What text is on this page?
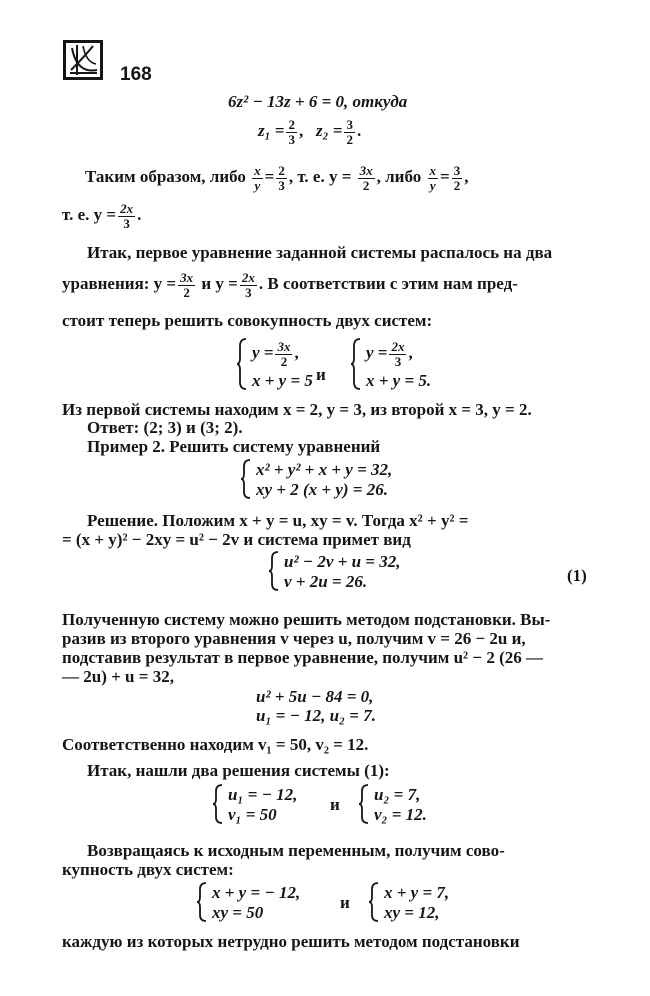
168
6z² − 13z + 6 = 0, откуда
$z_1 = \frac{2}{3}$ ,   $z_2 = \frac{3}{2}$ .
Таким образом, либо $\frac{x}{y} = \frac{2}{3}$ , т. е. $y = \frac{3x}{2}$ , либо $\frac{x}{y} = \frac{3}{2}$ ,
т. е. $y = \frac{2x}{3}$ .
Итак, первое уравнение заданной системы распалось на два
уравнения: $y = \frac{3x}{2}$ и $y = \frac{2x}{3}$ . В соответствии с этим нам пред-
стоит теперь решить совокупность двух систем:
$y = \frac{3x}{2}$ ,
x + y = 5 и
$y = \frac{2x}{3}$ ,
x + y = 5.
Из первой системы находим x = 2, y = 3, из второй x = 3, y = 2.
Ответ: (2; 3) и (3; 2).
Пример 2. Решить систему уравнений
x² + y² + x + y = 32,
xy + 2 (x + y) = 26.
Решение. Положим x + y = u, xy = v. Тогда x² + y² =
= (x + y)² − 2xy = u² − 2v и система примет вид
u² − 2v + u = 32,
v + 2u = 26.	(1)
Полученную систему можно решить методом подстановки. Вы-
разив из второго уравнения v через u, получим v = 26 − 2u и,
подставив результат в первое уравнение, получим u² − 2 (26 —
— 2u) + u = 32,
u² + 5u − 84 = 0,
u₁ = − 12, u₂ = 7.
Соответственно находим v₁ = 50, v₂ = 12.
Итак, нашли два решения системы (1):
u₁ = − 12,
v₁ = 50
и
u₂ = 7,
v₂ = 12.
Возвращаясь к исходным переменным, получим сово-
купность двух систем:
x + y = − 12,
xy = 50
и
x + y = 7,
xy = 12,
каждую из которых нетрудно решить методом подстановки
